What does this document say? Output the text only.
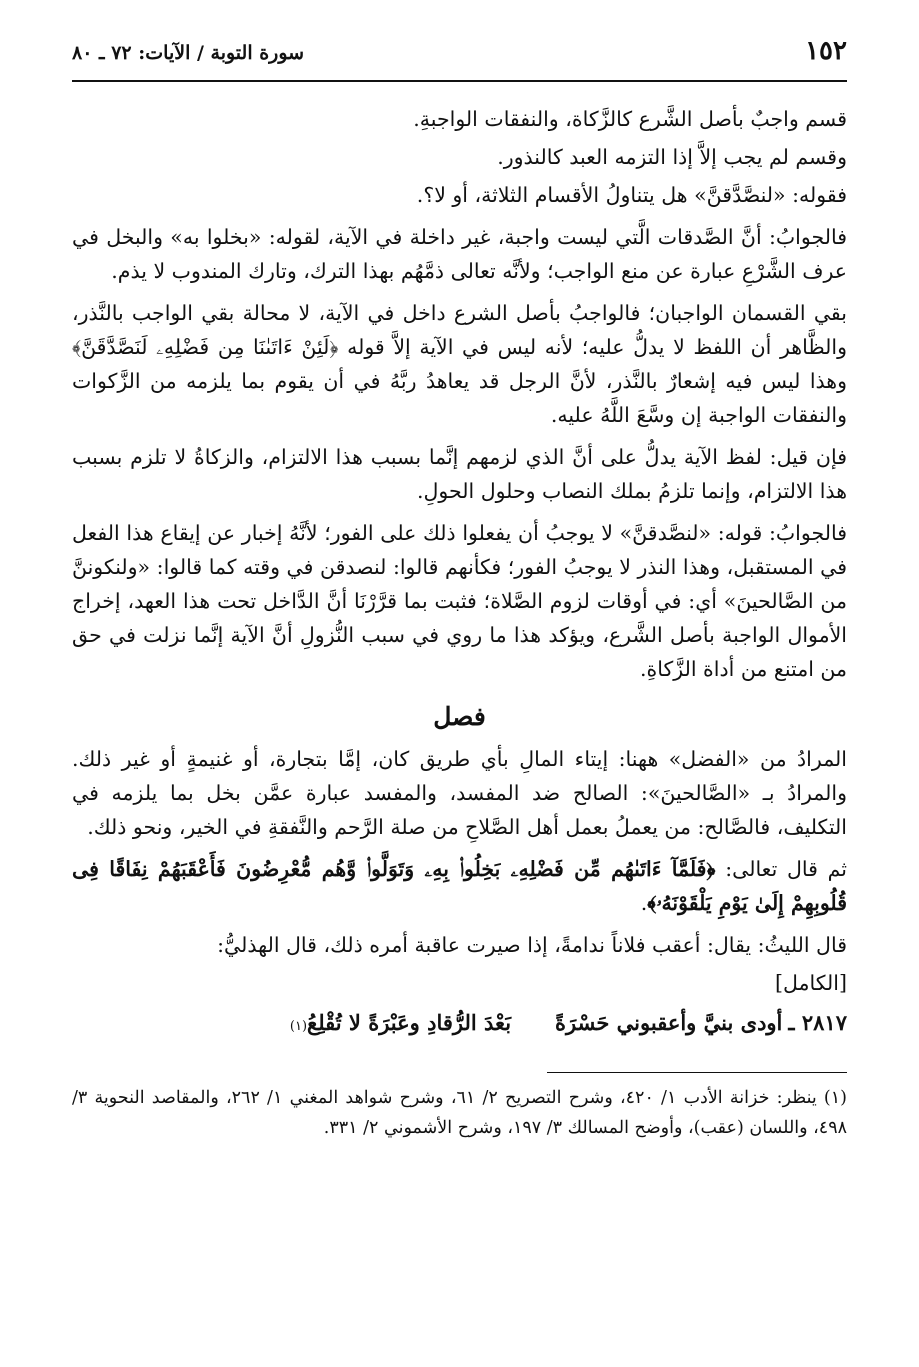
١٥٢
سورة التوبة / الآيات: ٧٢ ـ ٨٠

قسم واجبٌ بأصل الشَّرع كالزَّكاة، والنفقات الواجبةِ.

وقسم لم يجب إلاَّ إذا التزمه العبد كالنذور.

فقوله: «لنصَّدَّقنَّ» هل يتناولُ الأقسام الثلاثة، أو لا؟.

فالجوابُ: أنَّ الصَّدقات الَّتي ليست واجبة، غير داخلة في الآية، لقوله: «بخلوا به» والبخل في عرف الشَّرْعِ عبارة عن منع الواجب؛ ولأنَّه تعالى ذمَّهُم بهذا الترك، وتارك المندوب لا يذم.

بقي القسمان الواجبان؛ فالواجبُ بأصل الشرع داخل في الآية، لا محالة بقي الواجب بالنَّذر، والظَّاهر أن اللفظ لا يدلُّ عليه؛ لأنه ليس في الآية إلاَّ قوله ﴿لَئِنْ ءَاتَىٰنَا مِن فَضْلِهِۦ لَنَصَّدَّقَنَّ﴾ وهذا ليس فيه إشعارٌ بالنَّذر، لأنَّ الرجل قد يعاهدُ ربَّهُ في أن يقوم بما يلزمه من الزَّكوات والنفقات الواجبة إن وسَّعَ اللَّهُ عليه.

فإن قيل: لفظ الآية يدلُّ على أنَّ الذي لزمهم إنَّما بسبب هذا الالتزام، والزكاةُ لا تلزم بسبب هذا الالتزام، وإنما تلزمُ بملك النصاب وحلول الحولِ.

فالجوابُ: قوله: «لنصَّدقنَّ» لا يوجبُ أن يفعلوا ذلك على الفور؛ لأنَّهُ إخبار عن إيقاع هذا الفعل في المستقبل، وهذا النذر لا يوجبُ الفور؛ فكأنهم قالوا: لنصدقن في وقته كما قالوا: «ولنكوننَّ من الصَّالحينَ» أي: في أوقات لزوم الصَّلاة؛ فثبت بما قرَّرْنَا أنَّ الدَّاخل تحت هذا العهد، إخراج الأموال الواجبة بأصل الشَّرع، ويؤكد هذا ما روي في سبب النُّزولِ أنَّ الآية إنَّما نزلت في حق من امتنع من أداة الزَّكاةِ.

فصل

المرادُ من «الفضل» ههنا: إيتاء المالِ بأي طريق كان، إمَّا بتجارة، أو غنيمةٍ أو غير ذلك. والمرادُ بـ «الصَّالحينَ»: الصالح ضد المفسد، والمفسد عبارة عمَّن بخل بما يلزمه في التكليف، فالصَّالح: من يعملُ بعمل أهل الصَّلاحِ من صلة الرَّحم والنَّفقةِ في الخير، ونحو ذلك.

ثم قال تعالى: ﴿فَلَمَّآ ءَاتَىٰهُم مِّن فَضْلِهِۦ بَخِلُوا۟ بِهِۦ وَتَوَلَّوا۟ وَّهُم مُّعْرِضُونَ فَأَعْقَبَهُمْ نِفَاقًا فِى قُلُوبِهِمْ إِلَىٰ يَوْمِ يَلْقَوْنَهُۥ﴾.

قال الليثُ: يقال: أعقب فلاناً ندامةً، إذا صيرت عاقبة أمره ذلك، قال الهذليُّ:

[الكامل]
٢٨١٧ ـ
أودى بنيَّ وأعقبوني حَسْرَةً
بَعْدَ الرُّقادِ وعَبْرَةً لا تُقْلِعُ
(١)
(١) ينظر: خزانة الأدب ١/ ٤٢٠، وشرح التصريح ٢/ ٦١، وشرح شواهد المغني ١/ ٢٦٢، والمقاصد النحوية ٣/ ٤٩٨، واللسان (عقب)، وأوضح المسالك ٣/ ١٩٧، وشرح الأشموني ٢/ ٣٣١.
